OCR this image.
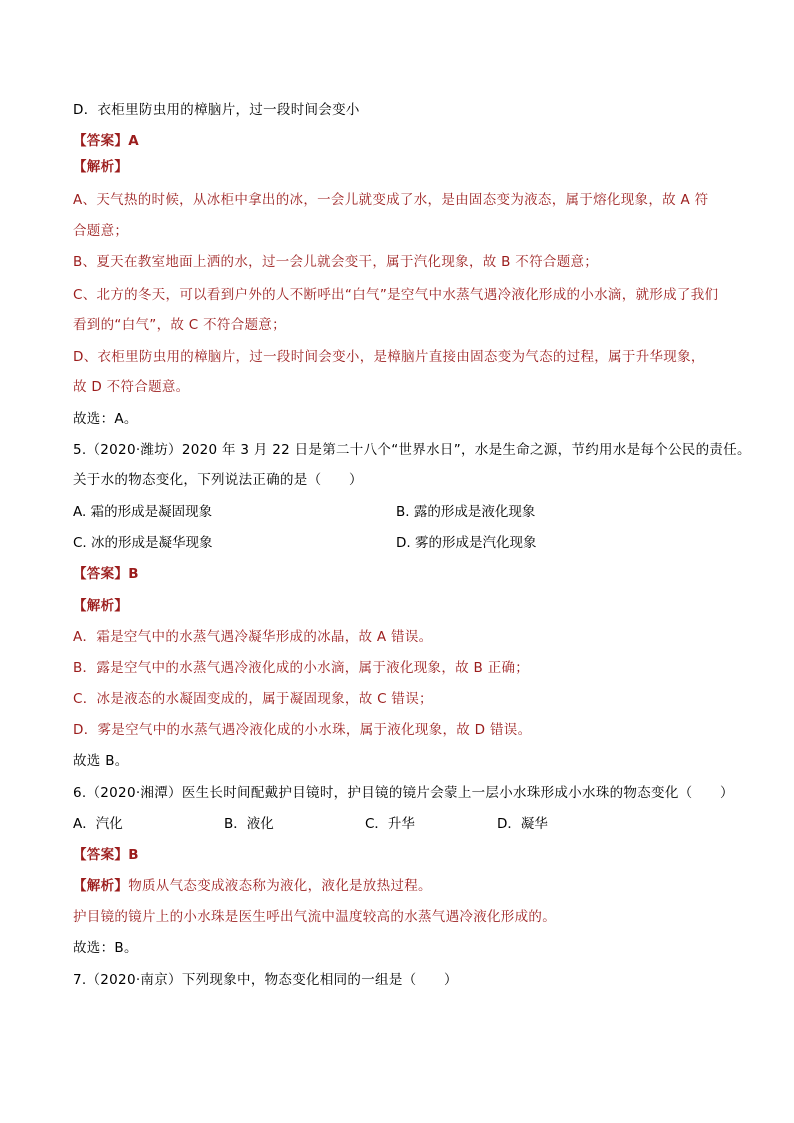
D．衣柜里防虫用的樟脑片，过一段时间会变小

【答案】A

【解析】

A、天气热的时候，从冰柜中拿出的冰，一会儿就变成了水，是由固态变为液态，属于熔化现象，故 A 符

合题意；

B、夏天在教室地面上洒的水，过一会儿就会变干，属于汽化现象，故 B 不符合题意；

C、北方的冬天，可以看到户外的人不断呼出“白气”是空气中水蒸气遇冷液化形成的小水滴，就形成了我们

看到的“白气”，故 C 不符合题意；

D、衣柜里防虫用的樟脑片，过一段时间会变小，是樟脑片直接由固态变为气态的过程，属于升华现象，

故 D 不符合题意。

故选：A。

5.（2020·潍坊）2020 年 3 月 22 日是第二十八个“世界水日”，水是生命之源，节约用水是每个公民的责任。

关于水的物态变化，下列说法正确的是（　　）

A. 霜的形成是凝固现象	B. 露的形成是液化现象

C. 冰的形成是凝华现象	D. 雾的形成是汽化现象

【答案】B

【解析】

A．霜是空气中的水蒸气遇冷凝华形成的冰晶，故 A 错误。

B．露是空气中的水蒸气遇冷液化成的小水滴，属于液化现象，故 B 正确；

C．冰是液态的水凝固变成的，属于凝固现象，故 C 错误；

D．雾是空气中的水蒸气遇冷液化成的小水珠，属于液化现象，故 D 错误。

故选 B。

6.（2020·湘潭）医生长时间配戴护目镜时，护目镜的镜片会蒙上一层小水珠形成小水珠的物态变化（　　）

A．汽化	B．液化	C．升华	D．凝华

【答案】B

【解析】物质从气态变成液态称为液化，液化是放热过程。

护目镜的镜片上的小水珠是医生呼出气流中温度较高的水蒸气遇冷液化形成的。

故选：B。

7.（2020·南京）下列现象中，物态变化相同的一组是（　　）
